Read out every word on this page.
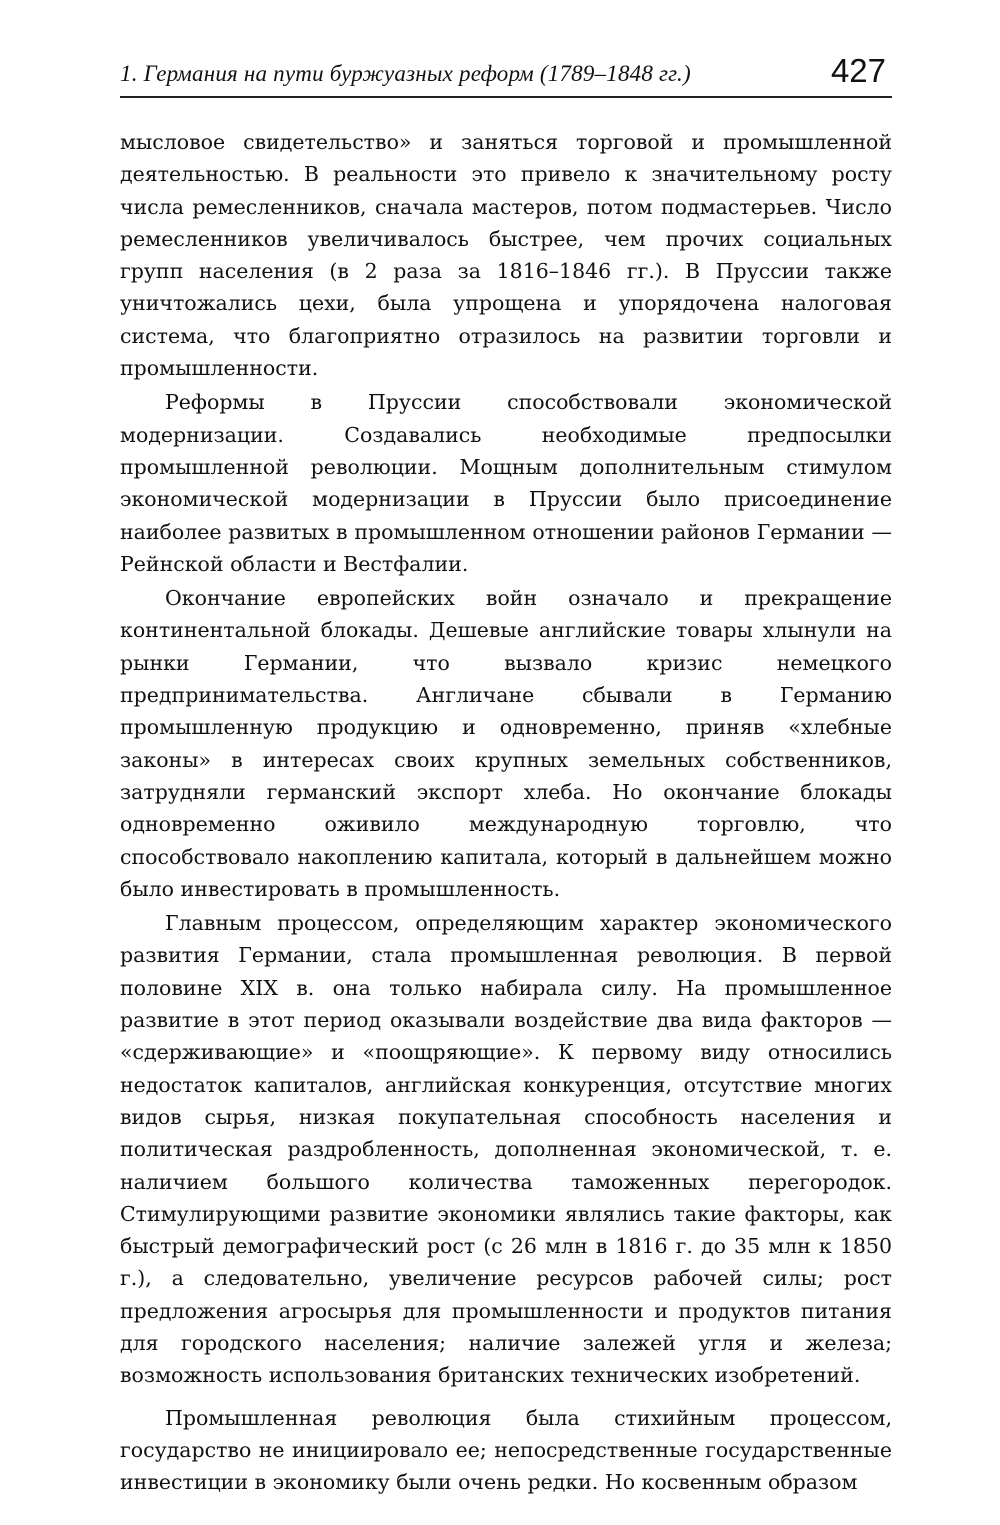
1. Германия на пути буржуазных реформ (1789–1848 гг.)	427

мысловое свидетельство» и заняться торговой и промышленной деятельностью. В реальности это привело к значительному росту числа ремесленников, сначала мастеров, потом подмастерьев. Число ремесленников увеличивалось быстрее, чем прочих социальных групп населения (в 2 раза за 1816–1846 гг.). В Пруссии также уничтожались цехи, была упрощена и упорядочена налоговая система, что благоприятно отразилось на развитии торговли и промышленности.

Реформы в Пруссии способствовали экономической модернизации. Создавались необходимые предпосылки промышленной революции. Мощным дополнительным стимулом экономической модернизации в Пруссии было присоединение наиболее развитых в промышленном отношении районов Германии — Рейнской области и Вестфалии.

Окончание европейских войн означало и прекращение континентальной блокады. Дешевые английские товары хлынули на рынки Германии, что вызвало кризис немецкого предпринимательства. Англичане сбывали в Германию промышленную продукцию и одновременно, приняв «хлебные законы» в интересах своих крупных земельных собственников, затрудняли германский экспорт хлеба. Но окончание блокады одновременно оживило международную торговлю, что способствовало накоплению капитала, который в дальнейшем можно было инвестировать в промышленность.

Главным процессом, определяющим характер экономического развития Германии, стала промышленная революция. В первой половине XIX в. она только набирала силу. На промышленное развитие в этот период оказывали воздействие два вида факторов — «сдерживающие» и «поощряющие». К первому виду относились недостаток капиталов, английская конкуренция, отсутствие многих видов сырья, низкая покупательная способность населения и политическая раздробленность, дополненная экономической, т. е. наличием большого количества таможенных перегородок. Стимулирующими развитие экономики являлись такие факторы, как быстрый демографический рост (с 26 млн в 1816 г. до 35 млн к 1850 г.), а следовательно, увеличение ресурсов рабочей силы; рост предложения агросырья для промышленности и продуктов питания для городского населения; наличие залежей угля и железа; возможность использования британских технических изобретений.

Промышленная революция была стихийным процессом, государство не инициировало ее; непосредственные государственные инвестиции в экономику были очень редки. Но косвенным образом
